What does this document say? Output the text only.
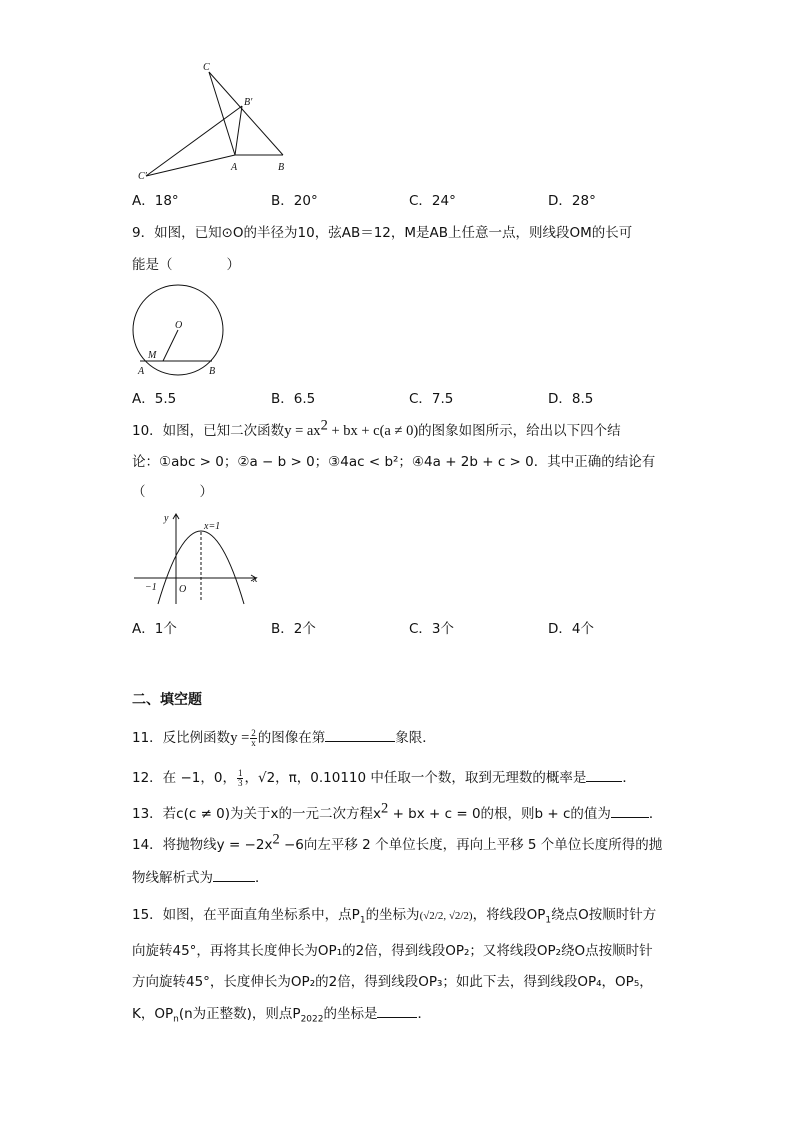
C
B′
A	B
C′
A．18°	B．20°	C．24°	D．28°
9．如图，已知⊙O的半径为10，弦AB＝12，M是AB上任意一点，则线段OM的长可
能是（　　　　）
O
M
A	B
A．5.5	B．6.5	C．7.5	D．8.5
10．如图，已知二次函数$y = ax^2$ + bx + c(a ≠ 0)的图象如图所示，给出以下四个结
论：①abc > 0；②a − b > 0；③4ac < b²；④4a + 2b + c > 0．其中正确的结论有
（　　　　）
y
x
x=1
−1 O
A．1个	B．2个	C．3个	D．4个
二、填空题
11．反比例函数$y = \frac{2}{x}$ 的图像在第	象限．
12．在 −1，0， $\frac{1}{3}$ ，√2，π，0.10110 中任取一个数，取到无理数的概率是	．
13．若c(c ≠ 0)为关于x的一元二次方程$x^2$ + bx + c = 0的根，则b + c的值为	．
14．将抛物线$y = -2x^2 -6$向左平移 2 个单位长度，再向上平移 5 个单位长度所得的抛
物线解析式为	．
15．如图，在平面直角坐标系中，点$P_1$的坐标为(√2/2, √2/2)，将线段$OP_1$绕点O按顺时针方
向旋转45°，再将其长度伸长为OP₁的2倍，得到线段OP₂；又将线段OP₂绕O点按顺时针
方向旋转45°，长度伸长为OP₂的2倍，得到线段OP₃；如此下去，得到线段OP₄，OP₅，
K，$OP_n(n$为正整数)，则点$P_{2022}$的坐标是	．
